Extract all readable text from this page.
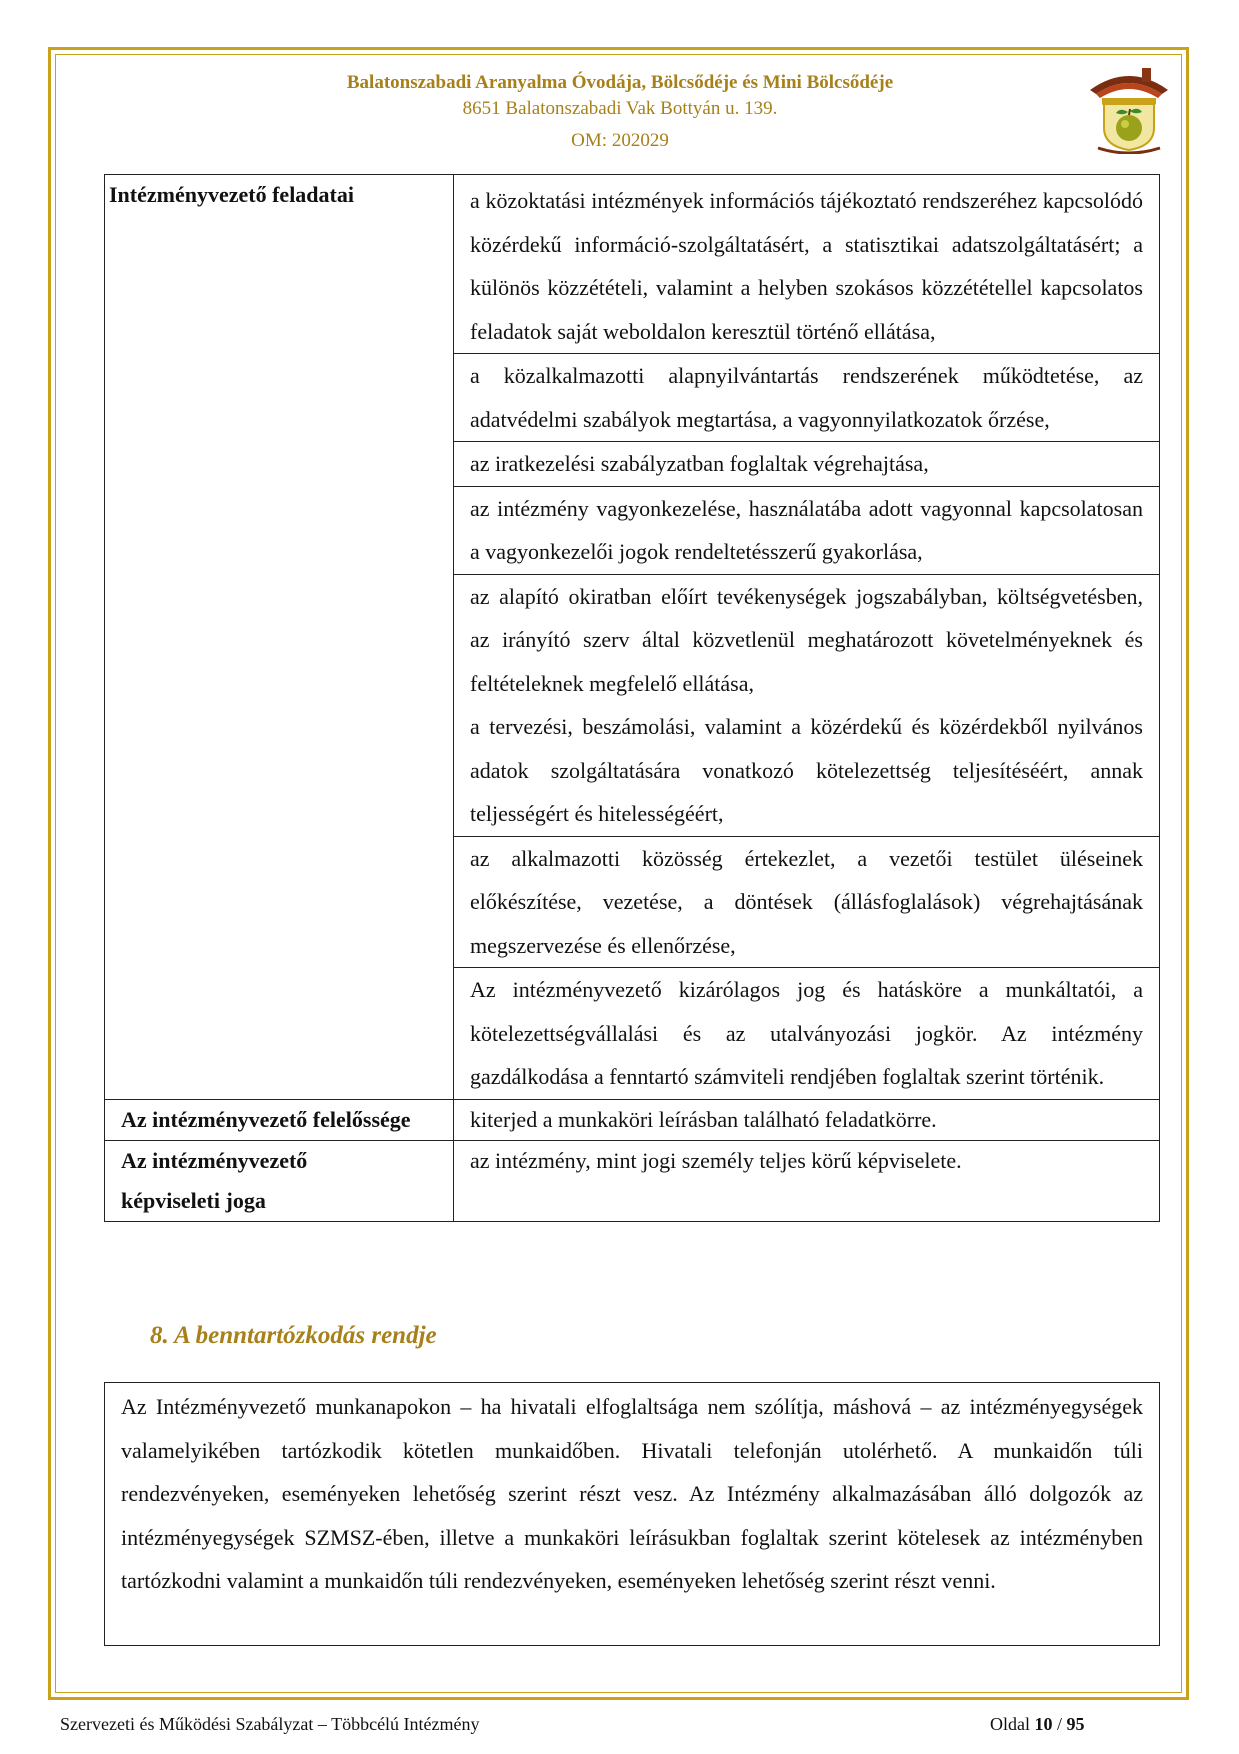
Balatonszabadi Aranyalma Óvodája, Bölcsődéje és Mini Bölcsődéje
8651 Balatonszabadi Vak Bottyán u. 139.
OM: 202029
Intézményvezető feladatai	a közoktatási intézmények információs tájékoztató rendszeréhez kapcsolódó közérdekű információ-szolgáltatásért, a statisztikai adatszolgáltatásért; a különös közzétételi, valamint a helyben szokásos közzététellel kapcsolatos feladatok saját weboldalon keresztül történő ellátása,
	a közalkalmazotti alapnyilvántartás rendszerének működtetése, az adatvédelmi szabályok megtartása, a vagyonnyilatkozatok őrzése,
	az iratkezelési szabályzatban foglaltak végrehajtása,
	az intézmény vagyonkezelése, használatába adott vagyonnal kapcsolatosan a vagyonkezelői jogok rendeltetésszerű gyakorlása,

	az alapító okiratban előírt tevékenységek jogszabályban, költségvetésben, az irányító szerv által közvetlenül meghatározott követelményeknek és feltételeknek megfelelő ellátása,

a tervezési, beszámolási, valamint a közérdekű és közérdekből nyilvános adatok szolgáltatására vonatkozó kötelezettség teljesítéséért, annak teljességért és hitelességéért,

	az alkalmazotti közösség értekezlet, a vezetői testület üléseinek előkészítése, vezetése, a döntések (állásfoglalások) végrehajtásának megszervezése és ellenőrzése,
	Az intézményvezető kizárólagos jog és hatásköre a munkáltatói, a kötelezettségvállalási és az utalványozási jogkör. Az intézmény gazdálkodása a fenntartó számviteli rendjében foglaltak szerint történik.
Az intézményvezető felelőssége	kiterjed a munkaköri leírásban található feladatkörre.

Az intézményvezető
képviseleti joga	az intézmény, mint jogi személy teljes körű képviselete.
8. A benntartózkodás rendje

Az Intézményvezető munkanapokon – ha hivatali elfoglaltsága nem szólítja, máshová – az intézményegységek valamelyikében tartózkodik kötetlen munkaidőben. Hivatali telefonján utolérhető. A munkaidőn túli rendezvényeken, eseményeken lehetőség szerint részt vesz. Az Intézmény alkalmazásában álló dolgozók az intézményegységek SZMSZ-ében, illetve a munkaköri leírásukban foglaltak szerint kötelesek az intézményben tartózkodni valamint a munkaidőn túli rendezvényeken, eseményeken lehetőség szerint részt venni.

Szervezeti és Működési Szabályzat – Többcélú Intézmény	Oldal 10 / 95
